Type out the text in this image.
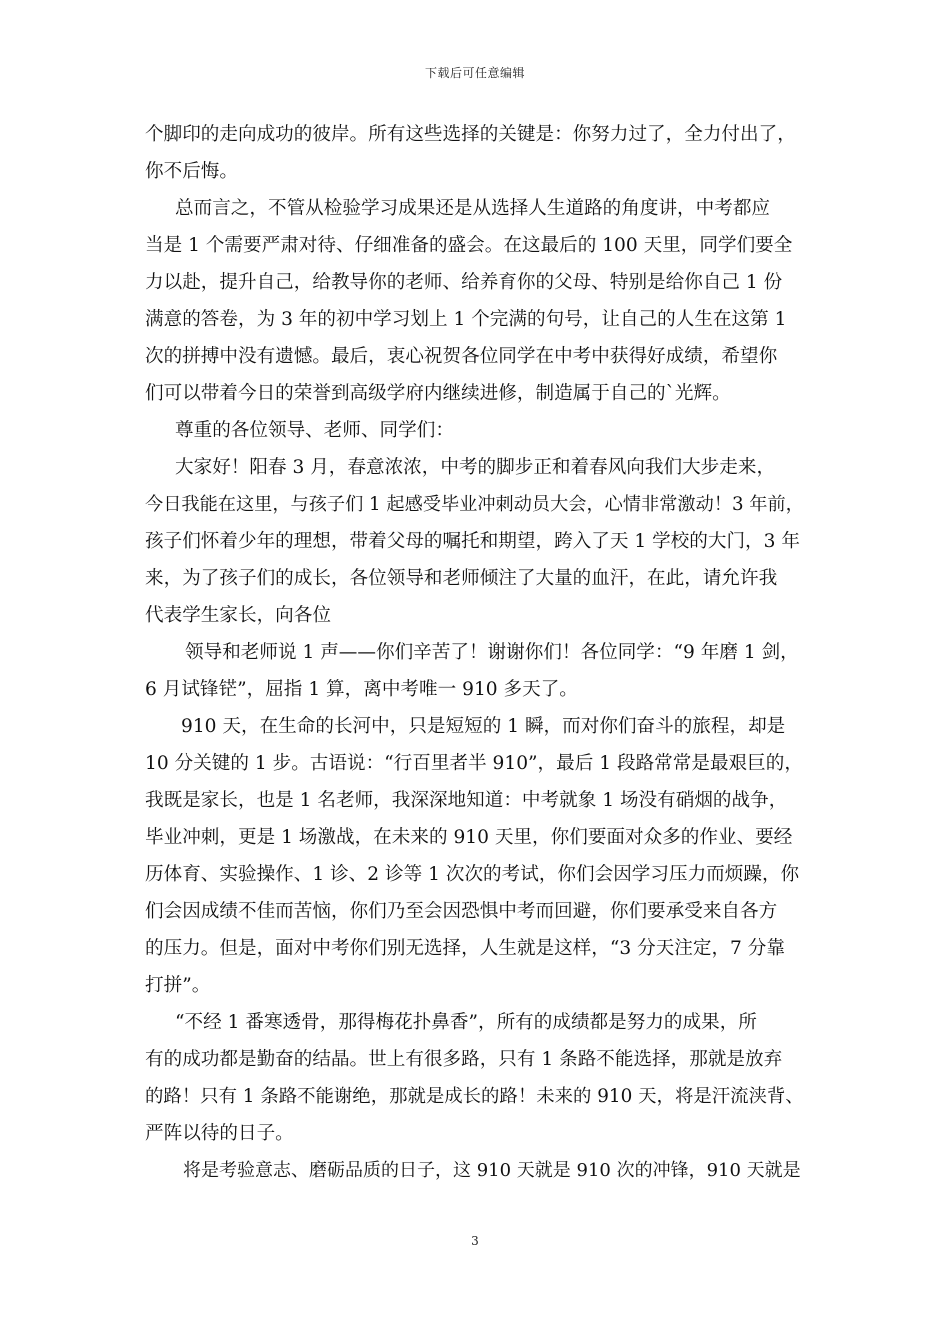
下载后可任意编辑
个脚印的走向成功的彼岸。所有这些选择的关键是：你努力过了，全力付出了，
你不后悔。
总而言之，不管从检验学习成果还是从选择人生道路的角度讲，中考都应
当是 1 个需要严肃对待、仔细准备的盛会。在这最后的 100 天里，同学们要全
力以赴，提升自己，给教导你的老师、给养育你的父母、特别是给你自己 1 份
满意的答卷，为 3 年的初中学习划上 1 个完满的句号，让自己的人生在这第 1
次的拼搏中没有遗憾。最后，衷心祝贺各位同学在中考中获得好成绩，希望你
们可以带着今日的荣誉到高级学府内继续进修，制造属于自己的`光辉。
尊重的各位领导、老师、同学们：
大家好！阳春 3 月，春意浓浓，中考的脚步正和着春风向我们大步走来，
今日我能在这里，与孩子们 1 起感受毕业冲刺动员大会，心情非常激动！3 年前，
孩子们怀着少年的理想，带着父母的嘱托和期望，跨入了天 1 学校的大门，3 年
来，为了孩子们的成长，各位领导和老师倾注了大量的血汗，在此，请允许我
代表学生家长，向各位
领导和老师说 1 声——你们辛苦了！谢谢你们！各位同学：“9 年磨 1 剑，
6 月试锋铓”，屈指 1 算，离中考唯一 910 多天了。
910 天，在生命的长河中，只是短短的 1 瞬，而对你们奋斗的旅程，却是
10 分关键的 1 步。古语说：“行百里者半 910”，最后 1 段路常常是最艰巨的，
我既是家长，也是 1 名老师，我深深地知道：中考就象 1 场没有硝烟的战争，
毕业冲刺，更是 1 场激战，在未来的 910 天里，你们要面对众多的作业、要经
历体育、实验操作、1 诊、2 诊等 1 次次的考试，你们会因学习压力而烦躁，你
们会因成绩不佳而苦恼，你们乃至会因恐惧中考而回避，你们要承受来自各方
的压力。但是，面对中考你们别无选择，人生就是这样，“3 分天注定，7 分靠
打拼”。
“不经 1 番寒透骨，那得梅花扑鼻香”，所有的成绩都是努力的成果，所
有的成功都是勤奋的结晶。世上有很多路，只有 1 条路不能选择，那就是放弃
的路！只有 1 条路不能谢绝，那就是成长的路！未来的 910 天，将是汗流浃背、
严阵以待的日子。
将是考验意志、磨砺品质的日子，这 910 天就是 910 次的冲锋，910 天就是
3
